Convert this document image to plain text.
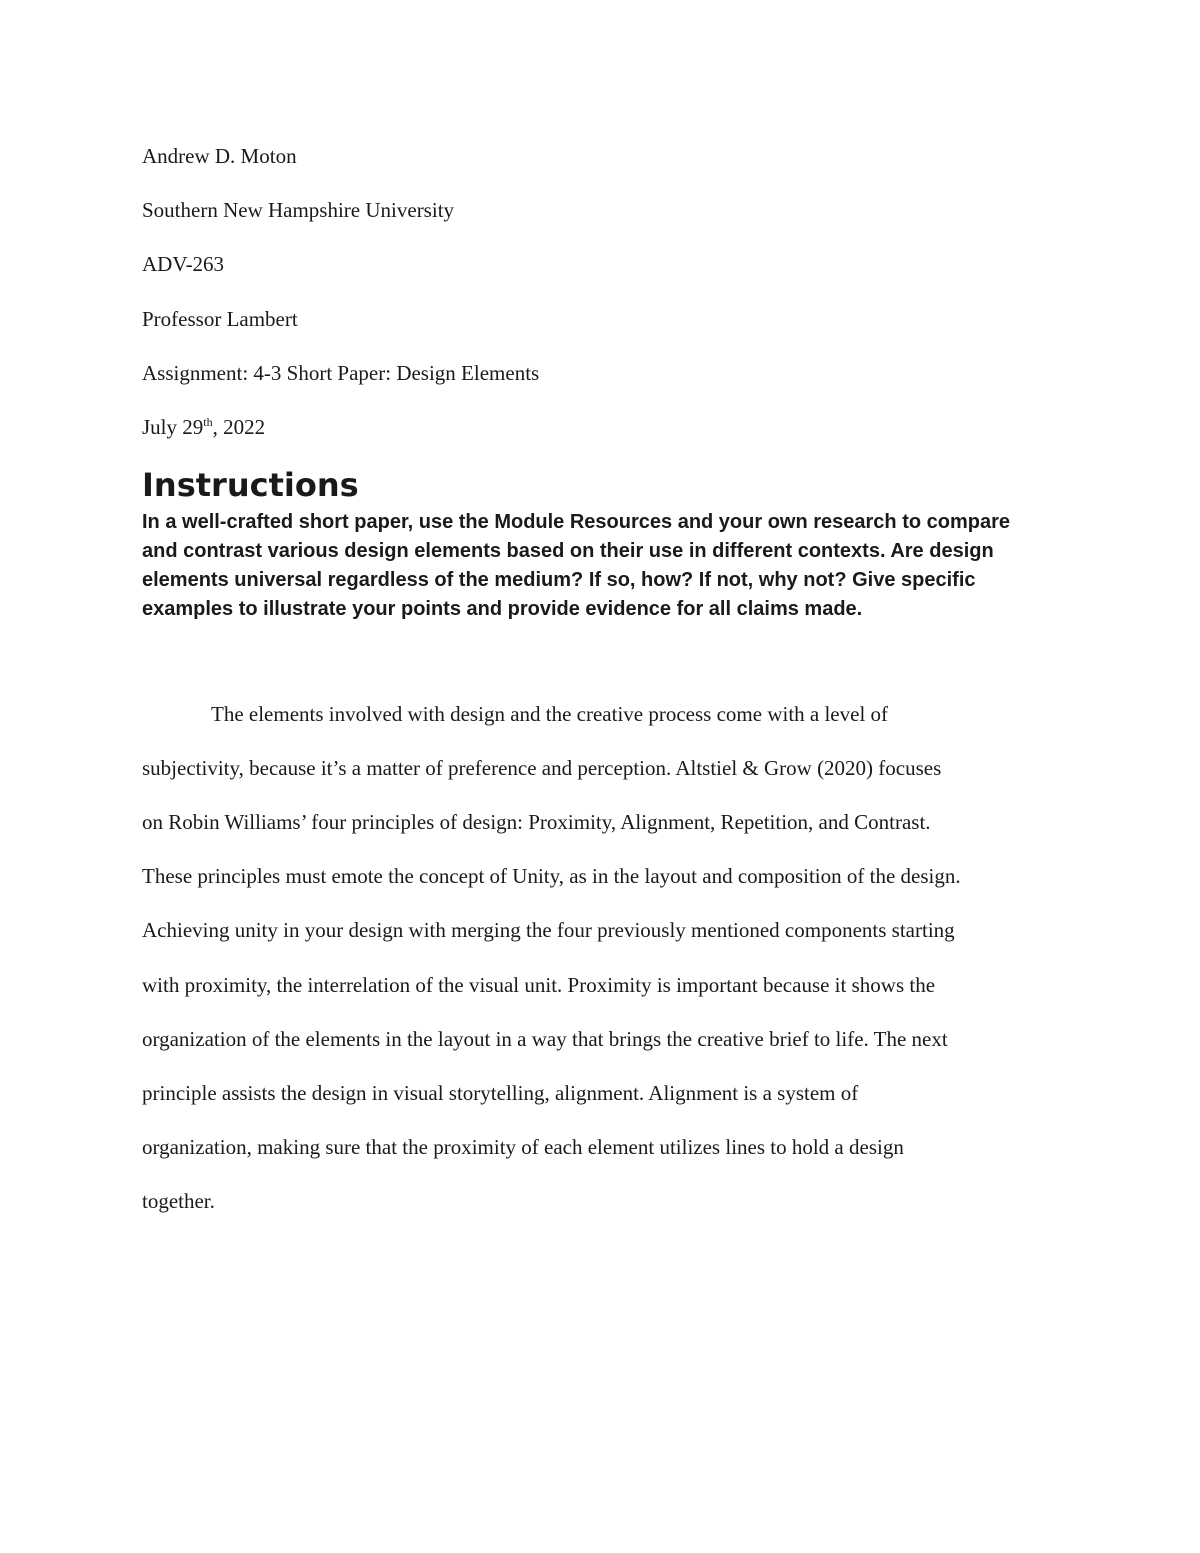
Andrew D. Moton
Southern New Hampshire University
ADV-263
Professor Lambert
Assignment: 4-3 Short Paper: Design Elements
July 29th, 2022
Instructions
In a well-crafted short paper, use the Module Resources and your own research to compare
and contrast various design elements based on their use in different contexts. Are design
elements universal regardless of the medium? If so, how? If not, why not? Give specific
examples to illustrate your points and provide evidence for all claims made.
The elements involved with design and the creative process come with a level of
subjectivity, because it’s a matter of preference and perception. Altstiel & Grow (2020) focuses
on Robin Williams’ four principles of design: Proximity, Alignment, Repetition, and Contrast.
These principles must emote the concept of Unity, as in the layout and composition of the design.
Achieving unity in your design with merging the four previously mentioned components starting
with proximity, the interrelation of the visual unit. Proximity is important because it shows the
organization of the elements in the layout in a way that brings the creative brief to life. The next
principle assists the design in visual storytelling, alignment. Alignment is a system of
organization, making sure that the proximity of each element utilizes lines to hold a design
together.
